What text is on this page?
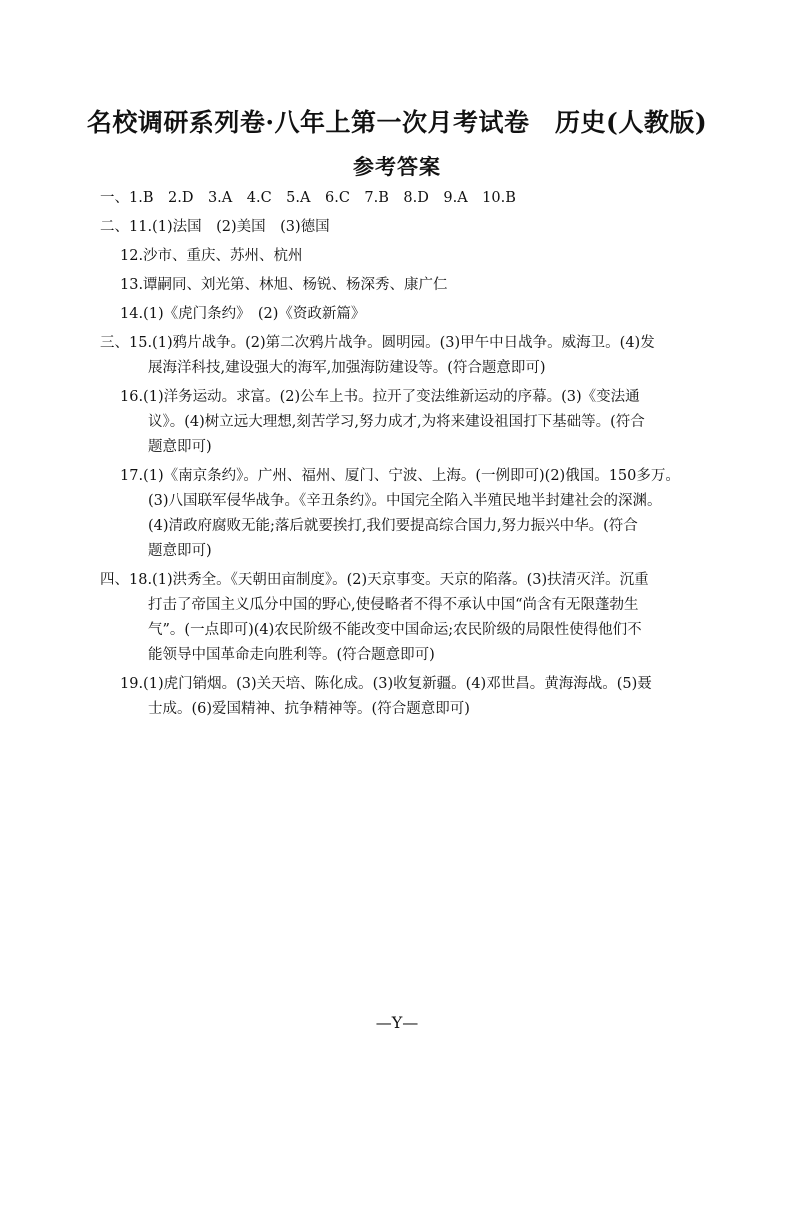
名校调研系列卷·八年上第一次月考试卷　历史(人教版)
参考答案
一、1.B　2.D　3.A　4.C　5.A　6.C　7.B　8.D　9.A　10.B
二、11.(1)法国　(2)美国　(3)德国
12.沙市、重庆、苏州、杭州
13.谭嗣同、刘光第、林旭、杨锐、杨深秀、康广仁
14.(1)《虎门条约》　(2)《资政新篇》
三、15.(1)鸦片战争。(2)第二次鸦片战争。圆明园。(3)甲午中日战争。威海卫。(4)发
展海洋科技,建设强大的海军,加强海防建设等。(符合题意即可)
16.(1)洋务运动。求富。(2)公车上书。拉开了变法维新运动的序幕。(3)《变法通
议》。(4)树立远大理想,刻苦学习,努力成才,为将来建设祖国打下基础等。(符合
题意即可)
17.(1)《南京条约》。广州、福州、厦门、宁波、上海。(一例即可)(2)俄国。150多万。
(3)八国联军侵华战争。《辛丑条约》。中国完全陷入半殖民地半封建社会的深渊。
(4)清政府腐败无能;落后就要挨打,我们要提高综合国力,努力振兴中华。(符合
题意即可)
四、18.(1)洪秀全。《天朝田亩制度》。(2)天京事变。天京的陷落。(3)扶清灭洋。沉重
打击了帝国主义瓜分中国的野心,使侵略者不得不承认中国“尚含有无限蓬勃生
气”。(一点即可)(4)农民阶级不能改变中国命运;农民阶级的局限性使得他们不
能领导中国革命走向胜利等。(符合题意即可)
19.(1)虎门销烟。(3)关天培、陈化成。(3)收复新疆。(4)邓世昌。黄海海战。(5)聂
士成。(6)爱国精神、抗争精神等。(符合题意即可)
—Y—
